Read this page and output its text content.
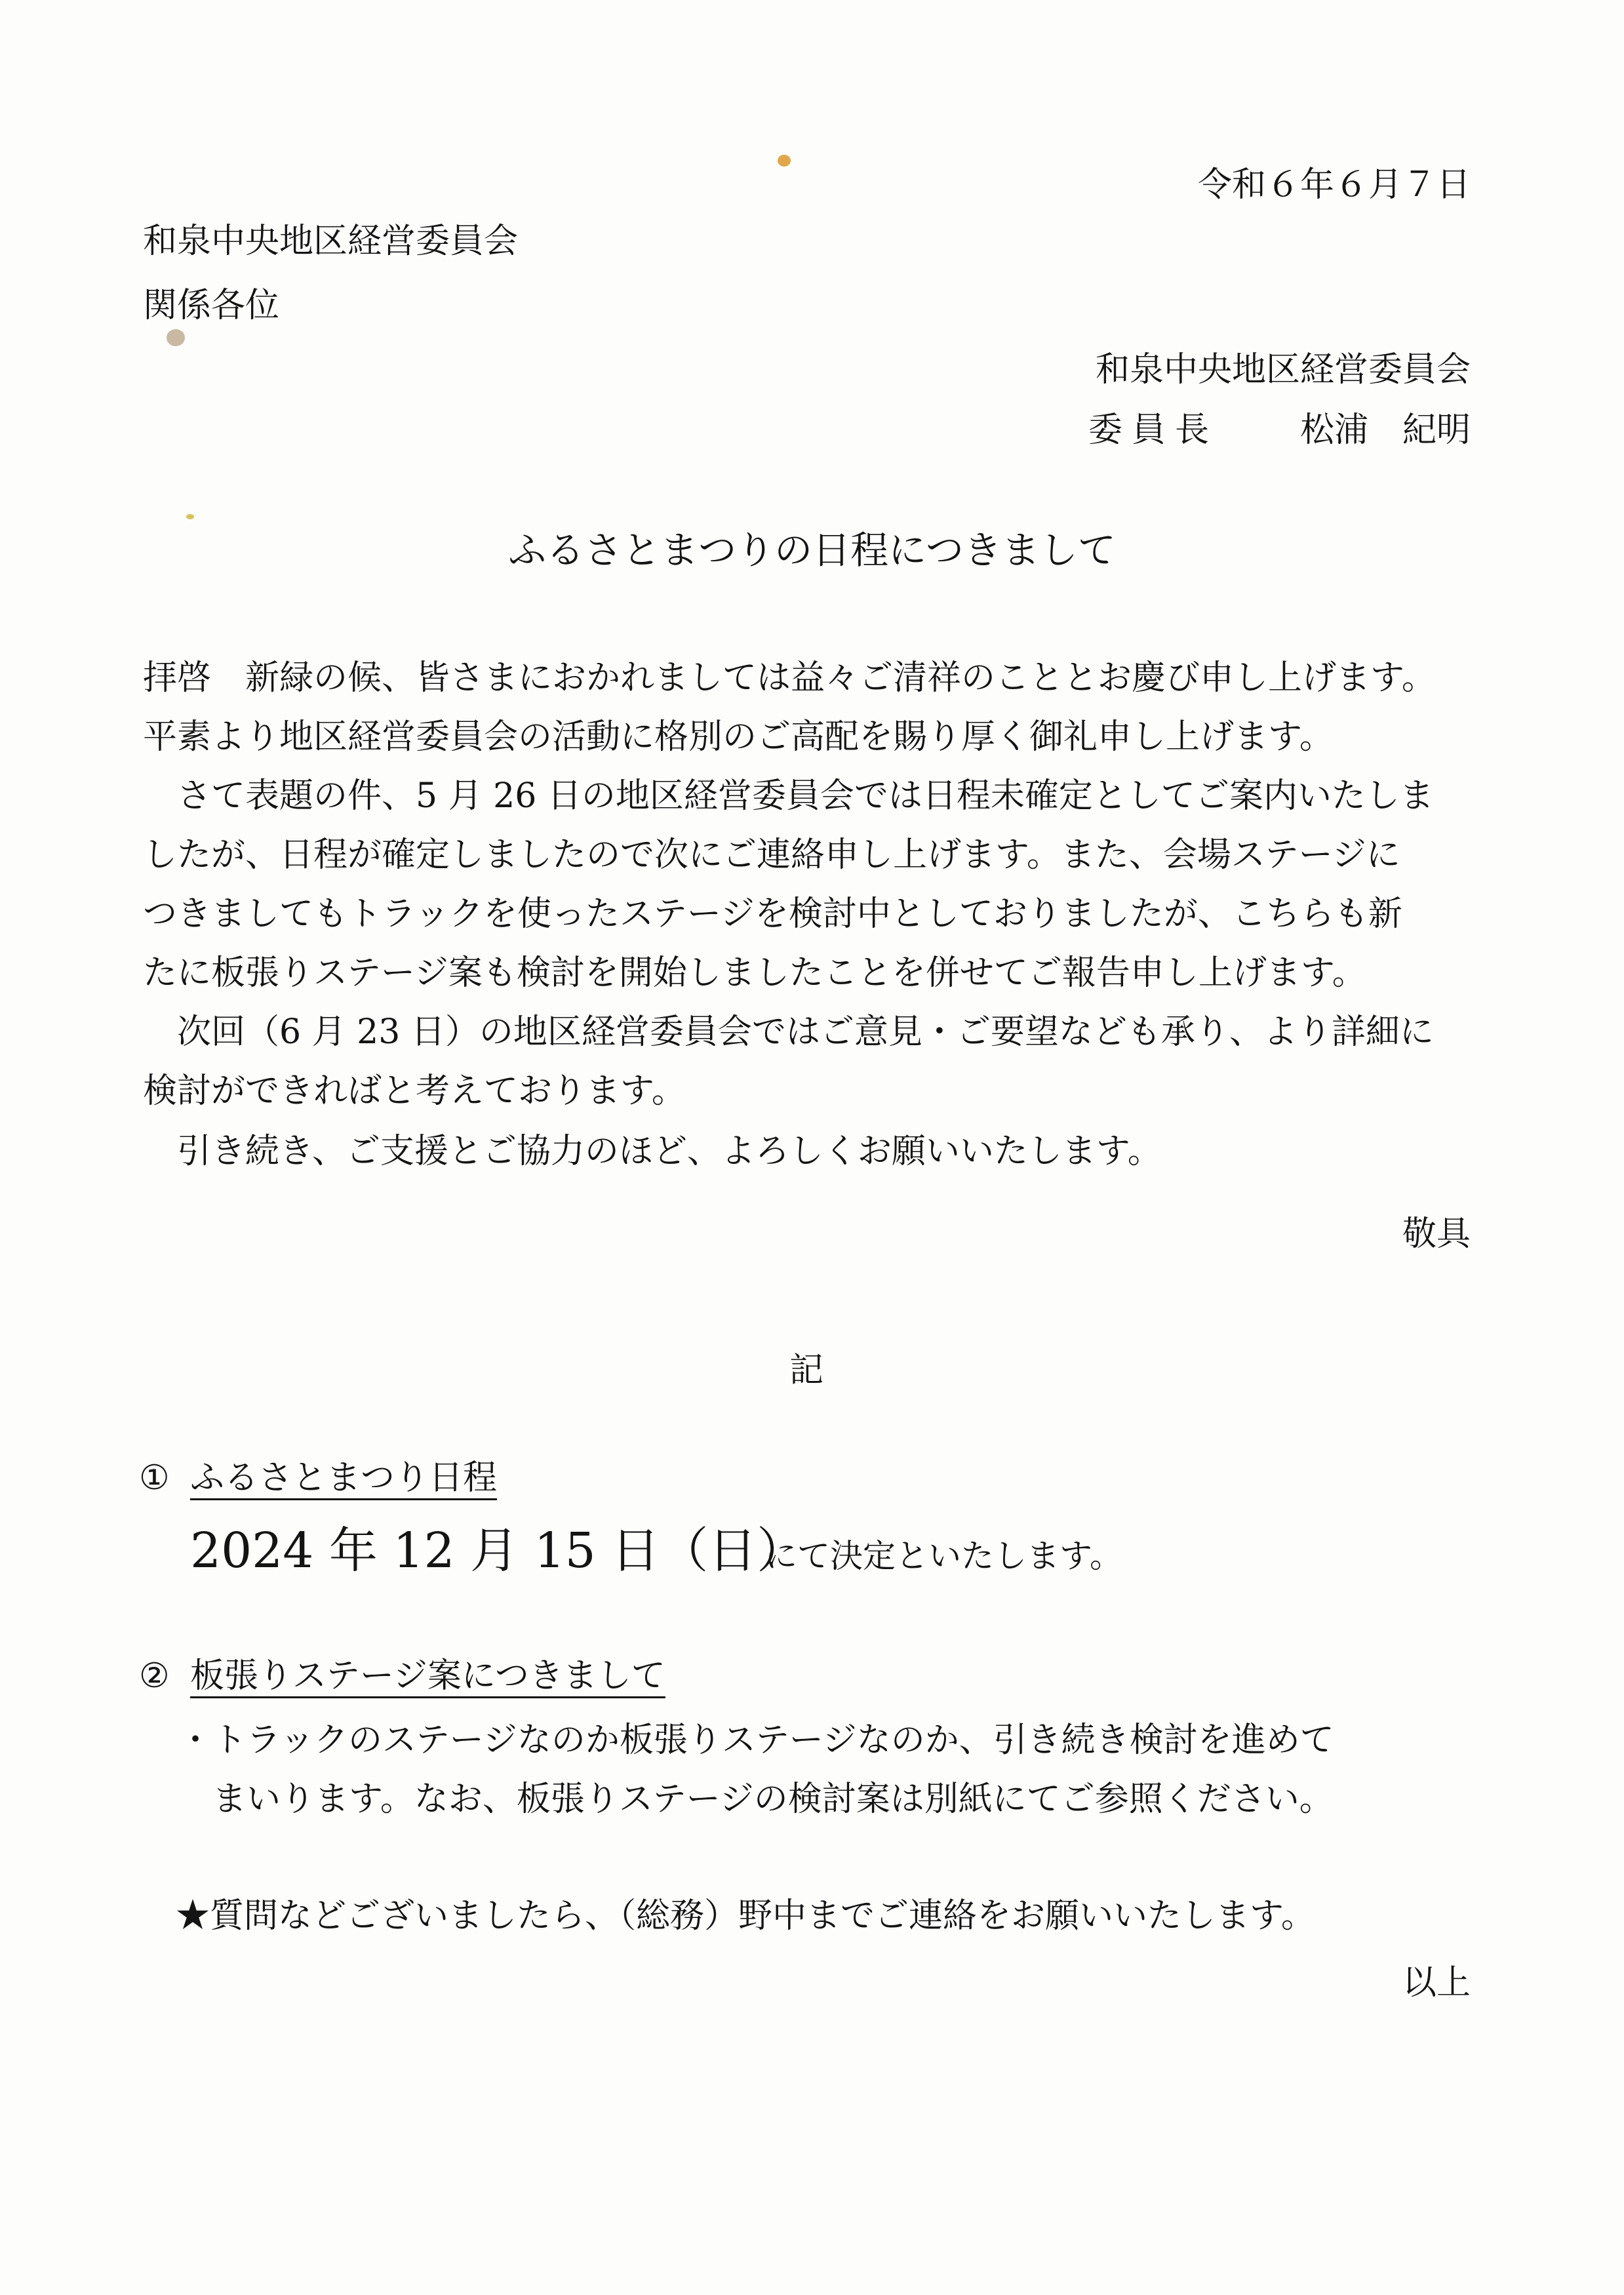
令和６年６月７日
和泉中央地区経営委員会
関係各位
和泉中央地区経営委員会
委員長 松浦　紀明
ふるさとまつりの日程につきまして
拝啓　新緑の候、皆さまにおかれましては益々ご清祥のこととお慶び申し上げます。
平素より地区経営委員会の活動に格別のご高配を賜り厚く御礼申し上げます。
　さて表題の件、5 月 26 日の地区経営委員会では日程未確定としてご案内いたしま
したが、日程が確定しましたので次にご連絡申し上げます。また、会場ステージに
つきましてもトラックを使ったステージを検討中としておりましたが、こちらも新
たに板張りステージ案も検討を開始しましたことを併せてご報告申し上げます。
　次回（6 月 23 日）の地区経営委員会ではご意見・ご要望なども承り、より詳細に
検討ができればと考えております。
　引き続き、ご支援とご協力のほど、よろしくお願いいたします。
敬具
記
① ふるさとまつり日程
2024 年 12 月 15 日（日）
にて決定といたします。
② 板張りステージ案につきまして
・トラックのステージなのか板張りステージなのか、引き続き検討を進めて
　まいります。なお、板張りステージの検討案は別紙にてご参照ください。
★質問などございましたら、（総務）野中までご連絡をお願いいたします。
以上
